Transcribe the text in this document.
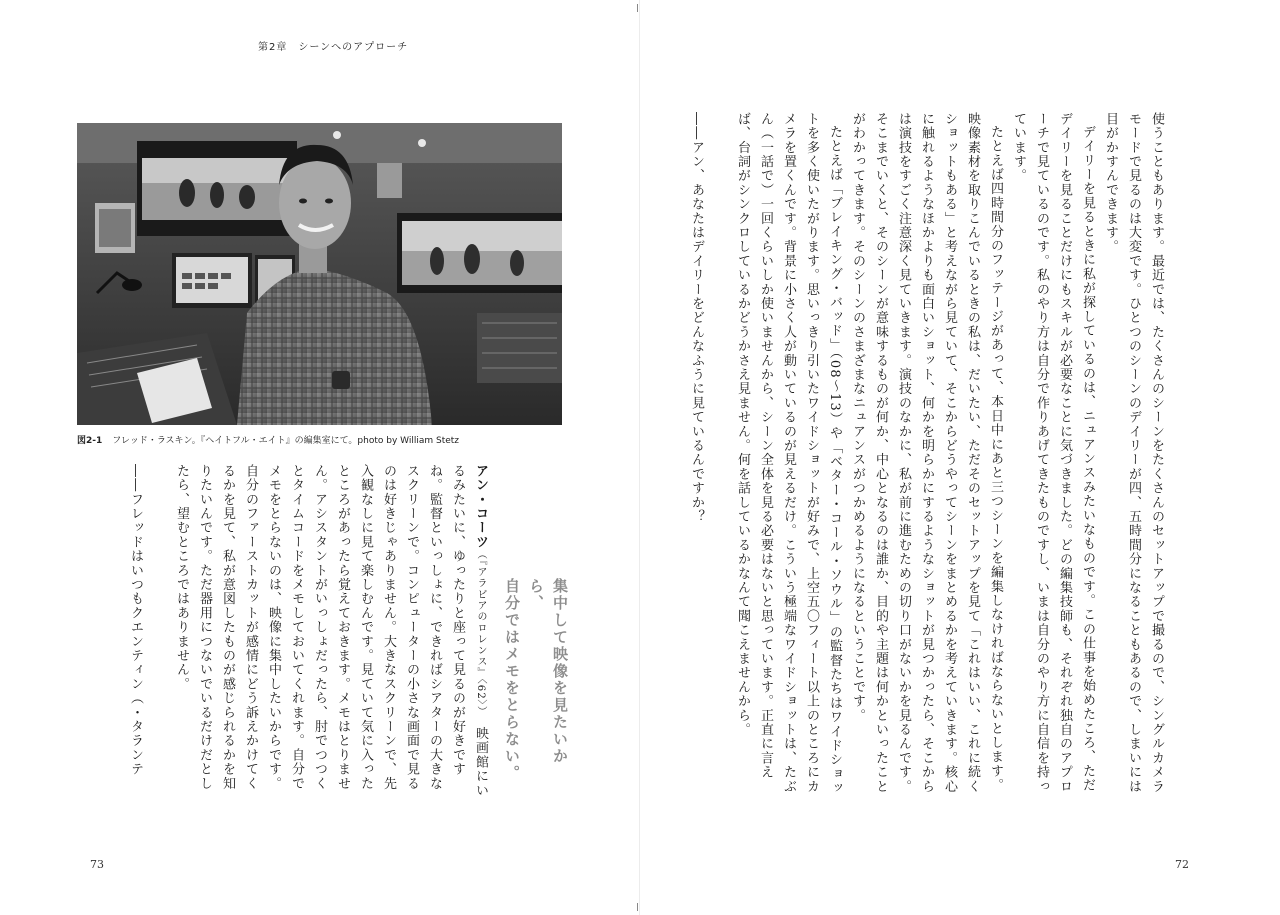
第2章　シーンへのアプローチ
図2-1 フレッド・ラスキン。『ヘイトフル・エイト』の編集室にて。photo by William Stetz
集中して映像を見たいから、
自分ではメモをとらない。

アン・コーツ（『アラビアのロレンス』〈62〉）　映画館にいるみたいに、ゆったりと座って見るのが好きですね。監督といっしょに、できればシアターの大きなスクリーンで。コンピューターの小さな画面で見るのは好きじゃありません。大きなスクリーンで、先入観なしに見て楽しむんです。見ていて気に入ったところがあったら覚えておきます。メモはとりません。アシスタントがいっしょだったら、肘でつつくとタイムコードをメモしておいてくれます。自分でメモをとらないのは、映像に集中したいからです。自分のファーストカットが感情にどう訴えかけてくるかを見て、私が意図したものが感じられるかを知りたいんです。ただ器用につないでいるだけだとしたら、望むところではありません。

――フレッドはいつもクエンティン（・タランテ

73

使うこともあります。最近では、たくさんのシーンをたくさんのセットアップで撮るので、シングルカメラモードで見るのは大変です。ひとつのシーンのデイリーが四、五時間分になることもあるので、しまいには目がかすんできます。

デイリーを見るときに私が探しているのは、ニュアンスみたいなものです。この仕事を始めたころ、ただデイリーを見ることだけにもスキルが必要なことに気づきました。どの編集技師も、それぞれ独自のアプローチで見ているのです。私のやり方は自分で作りあげてきたものですし、いまは自分のやり方に自信を持っています。

たとえば四時間分のフッテージがあって、本日中にあと三つシーンを編集しなければならないとします。映像素材を取りこんでいるときの私は、だいたい、ただそのセットアップを見て「これはいい、これに続くショットもある」と考えながら見ていて、そこからどうやってシーンをまとめるかを考えていきます。核心に触れるようなほかよりも面白いショット、何かを明らかにするようなショットが見つかったら、そこからは演技をすごく注意深く見ていきます。演技のなかに、私が前に進むための切り口がないかを見るんです。そこまでいくと、そのシーンが意味するものが何か、中心となるのは誰か、目的や主題は何かといったことがわかってきます。そのシーンのさまざまなニュアンスがつかめるようになるということです。

たとえば「ブレイキング・バッド」（08〜13）や「ベター・コール・ソウル」の監督たちはワイドショットを多く使いたがります。思いっきり引いたワイドショットが好みで、上空五〇フィート以上のところにカメラを置くんです。背景に小さく人が動いているのが見えるだけ。こういう極端なワイドショットは、たぶん（一話で）一回くらいしか使いませんから、シーン全体を見る必要はないと思っています。正直に言えば、台詞がシンクロしているかどうかさえ見ません。何を話しているかなんて聞こえませんから。

――アン、あなたはデイリーをどんなふうに見ているんですか？

72
